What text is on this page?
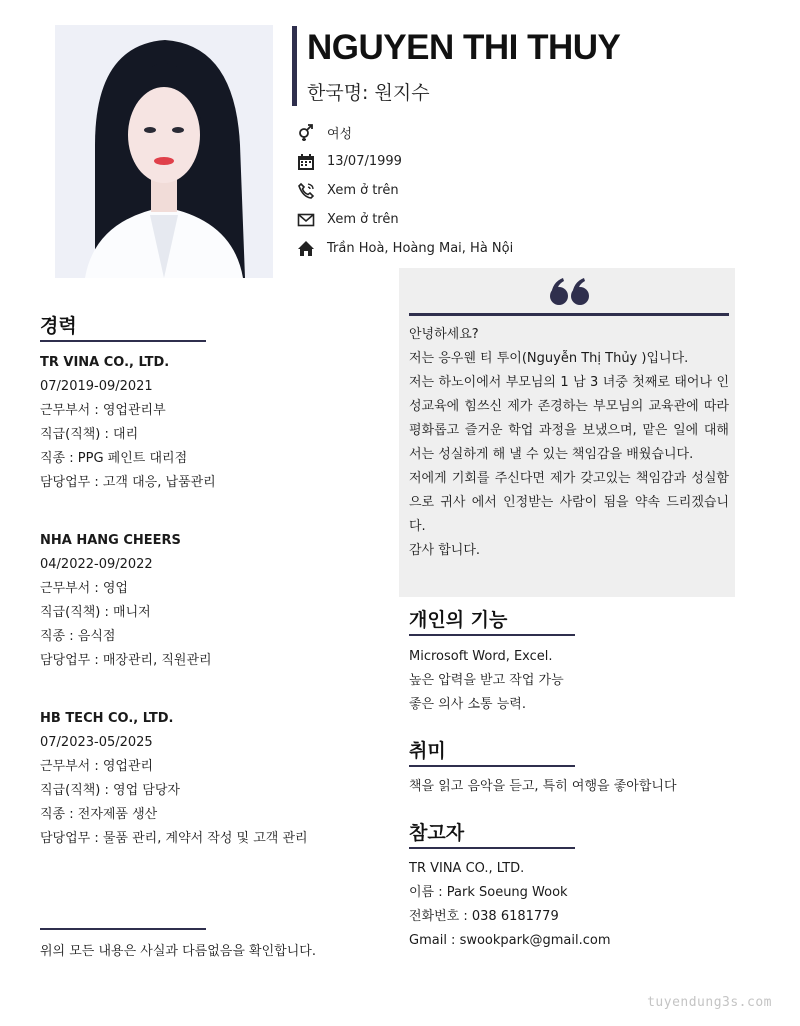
NGUYEN THI THUY
한국명: 원지수
여성
13/07/1999
Xem ở trên
Xem ở trên
Trần Hoà, Hoàng Mai, Hà Nội
경력
TR VINA CO., LTD.
07/2019-09/2021
근무부서 : 영업관리부
직급(직책) : 대리
직종 : PPG 페인트 대리점
담당업무 : 고객 대응, 납품관리
NHA HANG CHEERS
04/2022-09/2022
근무부서 : 영업
직급(직책) : 매니저
직종 : 음식점
담당업무 : 매장관리, 직원관리
HB TECH CO., LTD.
07/2023-05/2025
근무부서 : 영업관리
직급(직책) : 영업 담당자
직종 : 전자제품 생산
담당업무 : 물품 관리, 계약서 작성 및 고객 관리

안녕하세요?

저는 응우웬 티 투이(Nguyễn Thị Thủy )입니다.

저는 하노이에서 부모님의 1 남 3 녀중 첫째로 태어나 인성교육에 힘쓰신 제가 존경하는 부모님의 교육관에 따라 평화롭고 즐거운 학업 과정을 보냈으며, 맡은 일에 대해서는 성실하게 해 낼 수 있는 책임감을 배웠습니다.

저에게 기회를 주신다면 제가 갖고있는 책임감과 성실함으로 귀사 에서 인정받는 사람이 됨을 약속 드리겠습니다.

감사 합니다.

개인의 기능
Microsoft Word, Excel.
높은 압력을 받고 작업 가능
좋은 의사 소통 능력.
취미
책을 읽고 음악을 듣고, 특히 여행을 좋아합니다
참고자
TR VINA CO., LTD.
이름 : Park Soeung Wook
전화번호 : 038 6181779
Gmail : swookpark@gmail.com
위의 모든 내용은 사실과 다름없음을 확인합니다.
tuyendung3s.com
